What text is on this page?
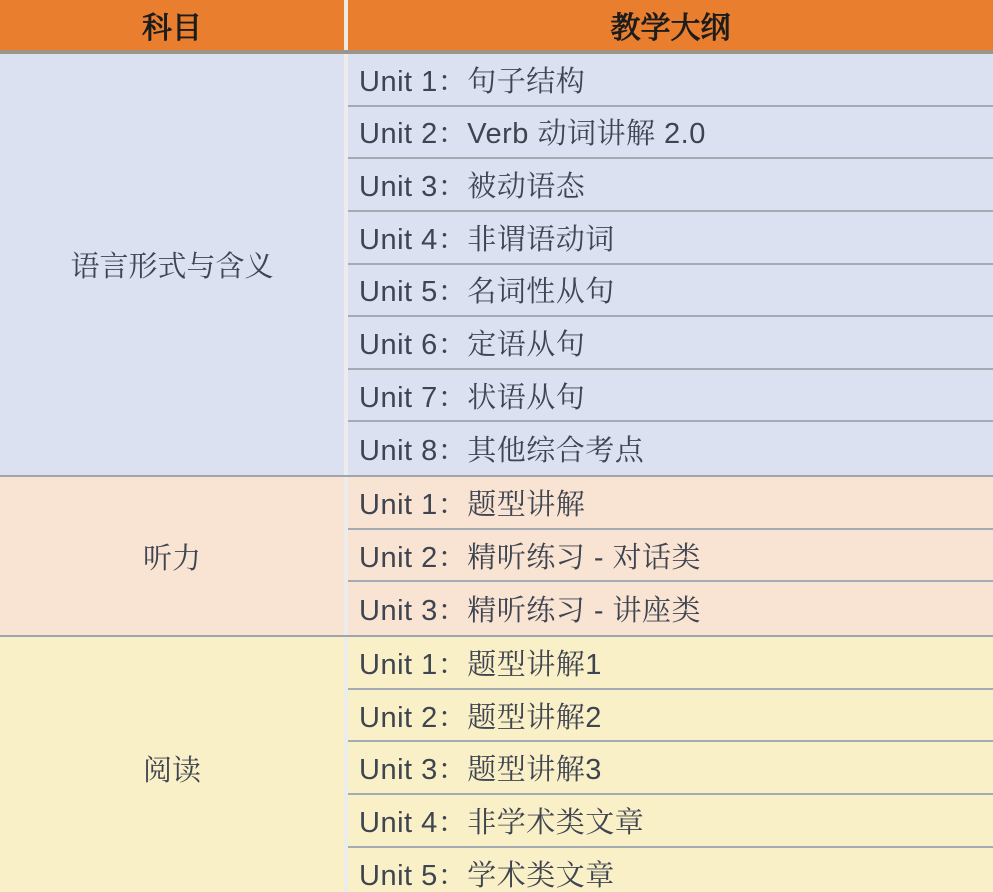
科目	教学大纲
语言形式与含义
Unit 1：句子结构
Unit 2：Verb 动词讲解 2.0
Unit 3：被动语态
Unit 4：非谓语动词
Unit 5：名词性从句
Unit 6：定语从句
Unit 7：状语从句
Unit 8：其他综合考点
听力
Unit 1：题型讲解
Unit 2：精听练习 - 对话类
Unit 3：精听练习 - 讲座类
阅读
Unit 1：题型讲解1
Unit 2：题型讲解2
Unit 3：题型讲解3
Unit 4：非学术类文章
Unit 5：学术类文章
